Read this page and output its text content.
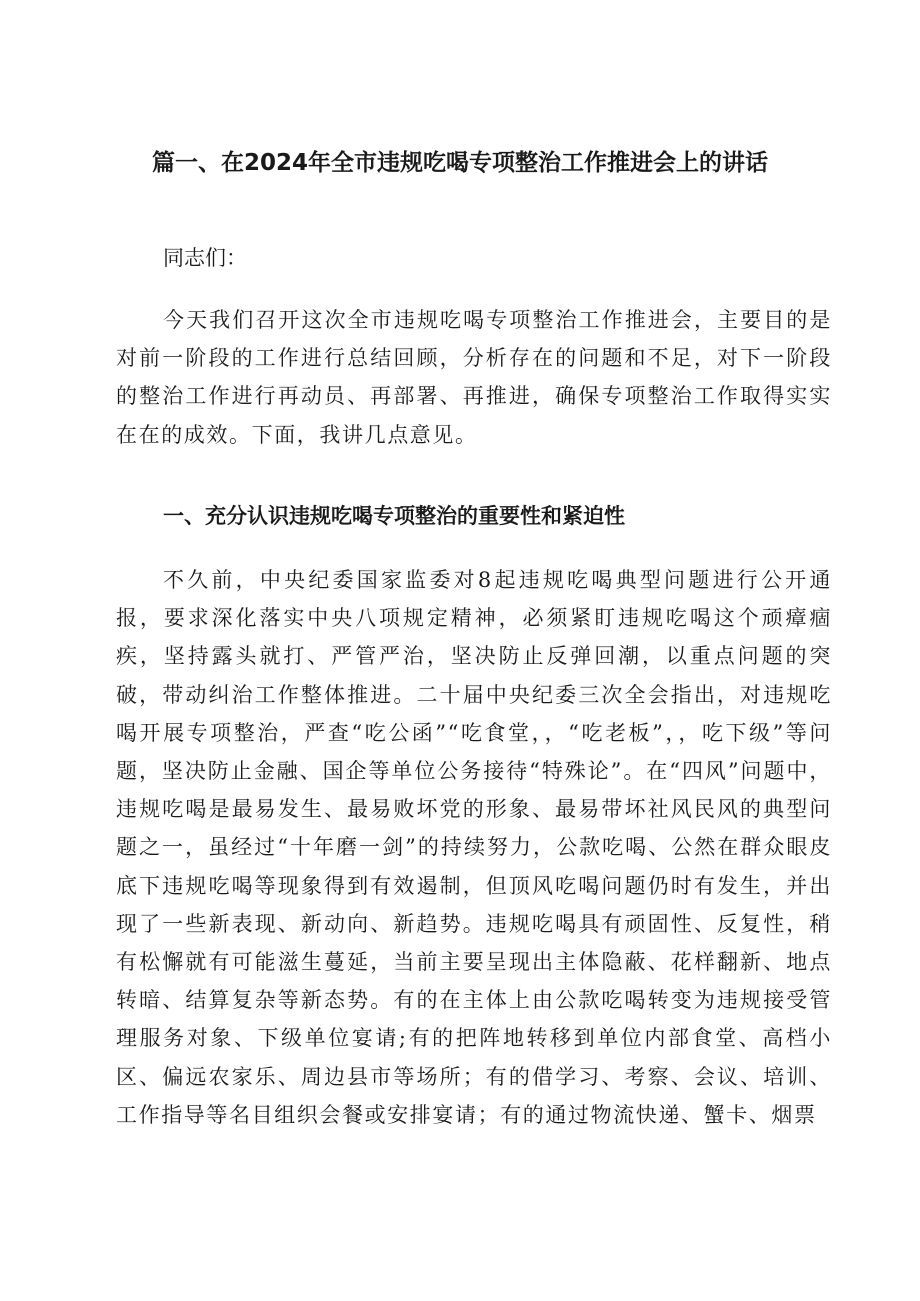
篇一、在2024年全市违规吃喝专项整治工作推进会上的讲话

同志们：

今天我们召开这次全市违规吃喝专项整治工作推进会，主要目的是对前一阶段的工作进行总结回顾，分析存在的问题和不足，对下一阶段的整治工作进行再动员、再部署、再推进，确保专项整治工作取得实实在在的成效。下面，我讲几点意见。

一、充分认识违规吃喝专项整治的重要性和紧迫性

不久前，中央纪委国家监委对8起违规吃喝典型问题进行公开通报，要求深化落实中央八项规定精神，必须紧盯违规吃喝这个顽瘴痼疾，坚持露头就打、严管严治，坚决防止反弹回潮，以重点问题的突破，带动纠治工作整体推进。二十届中央纪委三次全会指出，对违规吃喝开展专项整治，严查“吃公函”“吃食堂，，“吃老板”，，吃下级”等问题，坚决防止金融、国企等单位公务接待“特殊论”。在“四风”问题中，违规吃喝是最易发生、最易败坏党的形象、最易带坏社风民风的典型问题之一，虽经过“十年磨一剑”的持续努力，公款吃喝、公然在群众眼皮底下违规吃喝等现象得到有效遏制，但顶风吃喝问题仍时有发生，并出现了一些新表现、新动向、新趋势。违规吃喝具有顽固性、反复性，稍有松懈就有可能滋生蔓延，当前主要呈现出主体隐蔽、花样翻新、地点转暗、结算复杂等新态势。有的在主体上由公款吃喝转变为违规接受管理服务对象、下级单位宴请;有的把阵地转移到单位内部食堂、高档小区、偏远农家乐、周边县市等场所；有的借学习、考察、会议、培训、工作指导等名目组织会餐或安排宴请；有的通过物流快递、蟹卡、烟票
